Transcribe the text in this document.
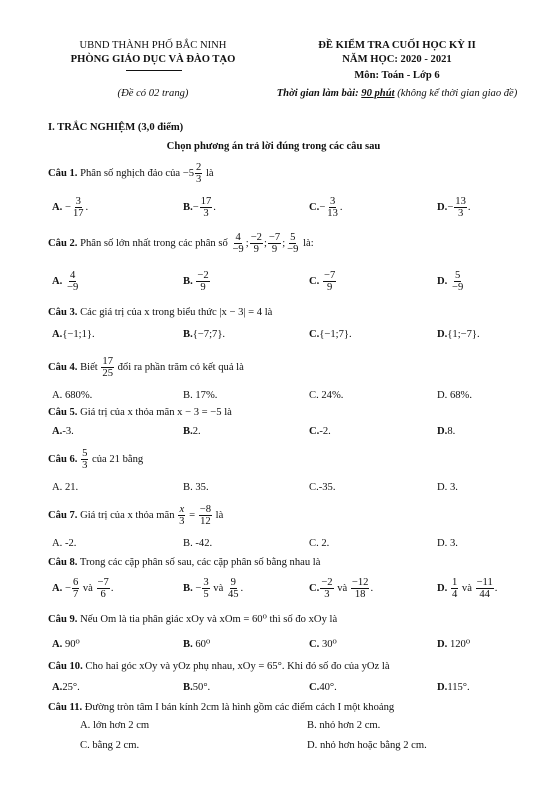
UBND THÀNH PHỐ BẮC NINH
PHÒNG GIÁO DỤC VÀ ĐÀO TẠO
(Đề có 02 trang)
ĐỀ KIỂM TRA CUỐI HỌC KỲ II
NĂM HỌC: 2020 - 2021
Môn: Toán - Lớp 6
Thời gian làm bài: 90 phút (không kể thời gian giao đề)
I. TRẮC NGHIỆM (3,0 điểm)
Chọn phương án trả lời đúng trong các câu sau
Câu 1. Phân số nghịch đảo của $-5 \frac{2}{3}$ là
A. − $\frac{3}{17}$ .	$B.- \frac{17}{3}$ .	$C.- \frac{3}{13}$ .	$D.- \frac{13}{3}$ .
Câu 2. Phân số lớn nhất trong các phân số $\frac{4}{-9}$ ; $\frac{-2}{9}$ ; $\frac{-7}{9}$ ; $\frac{5}{-9}$ là:
A. $\frac{4}{-9}$	B. $\frac{-2}{9}$	C. $\frac{-7}{9}$	D. $\frac{5}{-9}$
Câu 3. Các giá trị của x trong biểu thức |x − 3| = 4 là
A.{−1;1}.	B.{−7;7}.	C.{−1;7}.	D.{1;−7}.
Câu 4. Biết $\frac{17}{25}$ đổi ra phần trăm có kết quả là
A. 680%.	B. 17%.	C. 24%.	D. 68%.
Câu 5. Giá trị của x thỏa mãn x − 3 = −5 là
A.-3.	B.2.	C.-2.	D.8.
Câu 6. $\frac{5}{3}$ của 21 bằng
A. 21.	B. 35.	C.-35.	D. 3.
Câu 7. Giá trị của x thỏa mãn $\frac{x}{3} = \frac{-8}{12}$ là
A. -2.	B. -42.	C. 2.	D. 3.
Câu 8. Trong các cặp phân số sau, các cặp phân số bằng nhau là
A. − $\frac{6}{7}$ và $\frac{-7}{6}$ .	B. − $\frac{3}{5}$ và $\frac{9}{45}$ .	C. $\frac{-2}{3}$ và $\frac{-12}{18}$ .	D. $\frac{1}{4}$ và $\frac{-11}{44}$ .
Câu 9. Nếu Om là tia phân giác xOy và xOm = 60⁰ thì số đo xOy là
A. 90⁰	B. 60⁰	C. 30⁰	D. 120⁰
Câu 10. Cho hai góc xOy và yOz phụ nhau, xOy = 65°. Khi đó số đo của yOz là
A.25°.	B.50°.	C.40°.	D.115°.
Câu 11. Đường tròn tâm I bán kính 2cm là hình gồm các điểm cách I một khoảng
A. lớn hơn 2 cm	B. nhỏ hơn 2 cm.
C. bằng 2 cm.	D. nhỏ hơn hoặc bằng 2 cm.
